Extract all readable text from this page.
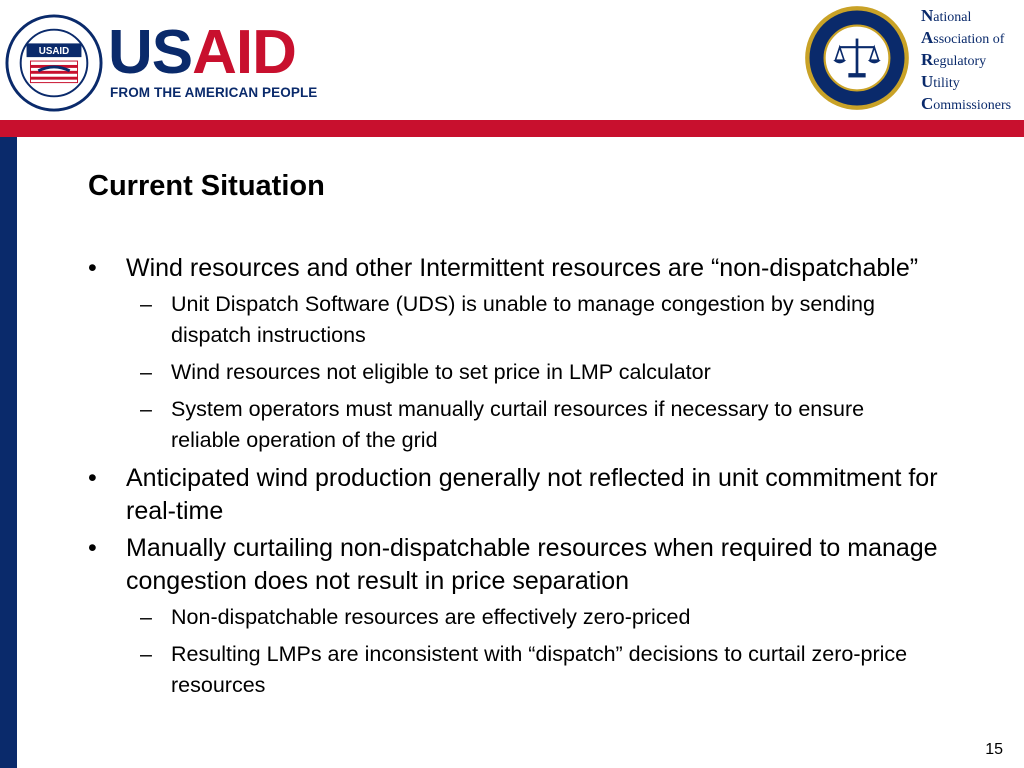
USAID USAID
FROM THE AMERICAN PEOPLE
National
Association of
Regulatory
Utility
Commissioners
Current Situation
• Wind resources and other Intermittent resources are “non-dispatchable”
– Unit Dispatch Software (UDS) is unable to manage congestion by sending dispatch instructions
– Wind resources not eligible to set price in LMP calculator
– System operators must manually curtail resources if necessary to ensure reliable operation of the grid
• Anticipated wind production generally not reflected in unit commitment for real-time
• Manually curtailing non-dispatchable resources when required to manage congestion does not result in price separation
– Non-dispatchable resources are effectively zero-priced
– Resulting LMPs are inconsistent with “dispatch” decisions to curtail zero-price resources
15
